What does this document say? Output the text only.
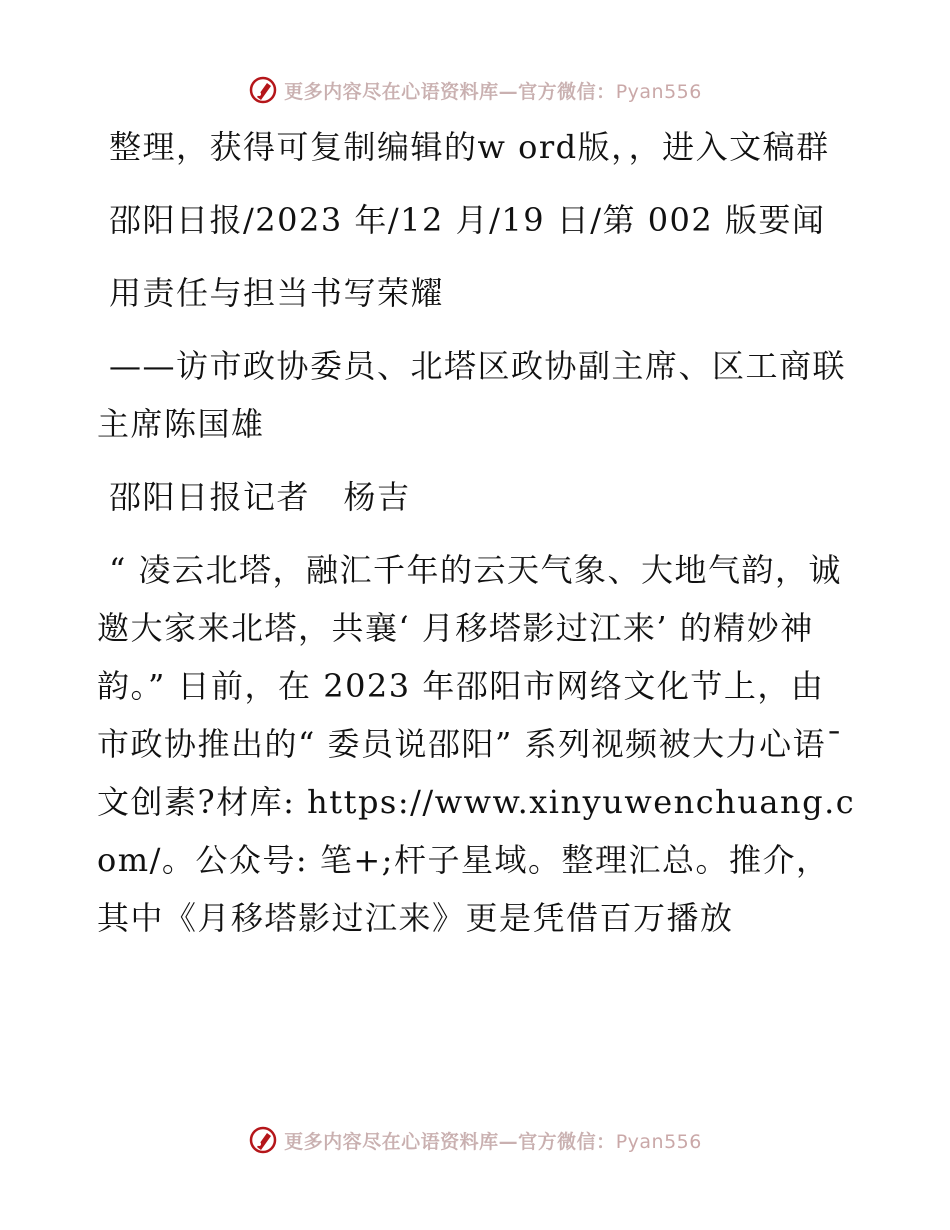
更多内容尽在心语资料库—官方微信：Pyan556

整理，获得可复制编辑的w ord版，，进入文稿群

邵阳日报/2023 年/12 月/19 日/第 002 版要闻

用责任与担当书写荣耀

——访市政协委员、北塔区政协副主席、区工商联主席陈国雄

邵阳日报记者　杨吉

“ 凌云北塔，融汇千年的云天气象、大地气韵，诚邀大家来北塔，共襄‘ 月移塔影过江来’ 的精妙神韵。” 日前，在 2023 年邵阳市网络文化节上，由市政协推出的“ 委员说邵阳” 系列视频被大力心语¯文创素?材库: https://www.xinyuwenchuang.com/。公众号: 笔+;杆子星域。整理汇总。推介，其中《月移塔影过江来》更是凭借百万播放

更多内容尽在心语资料库—官方微信：Pyan556
